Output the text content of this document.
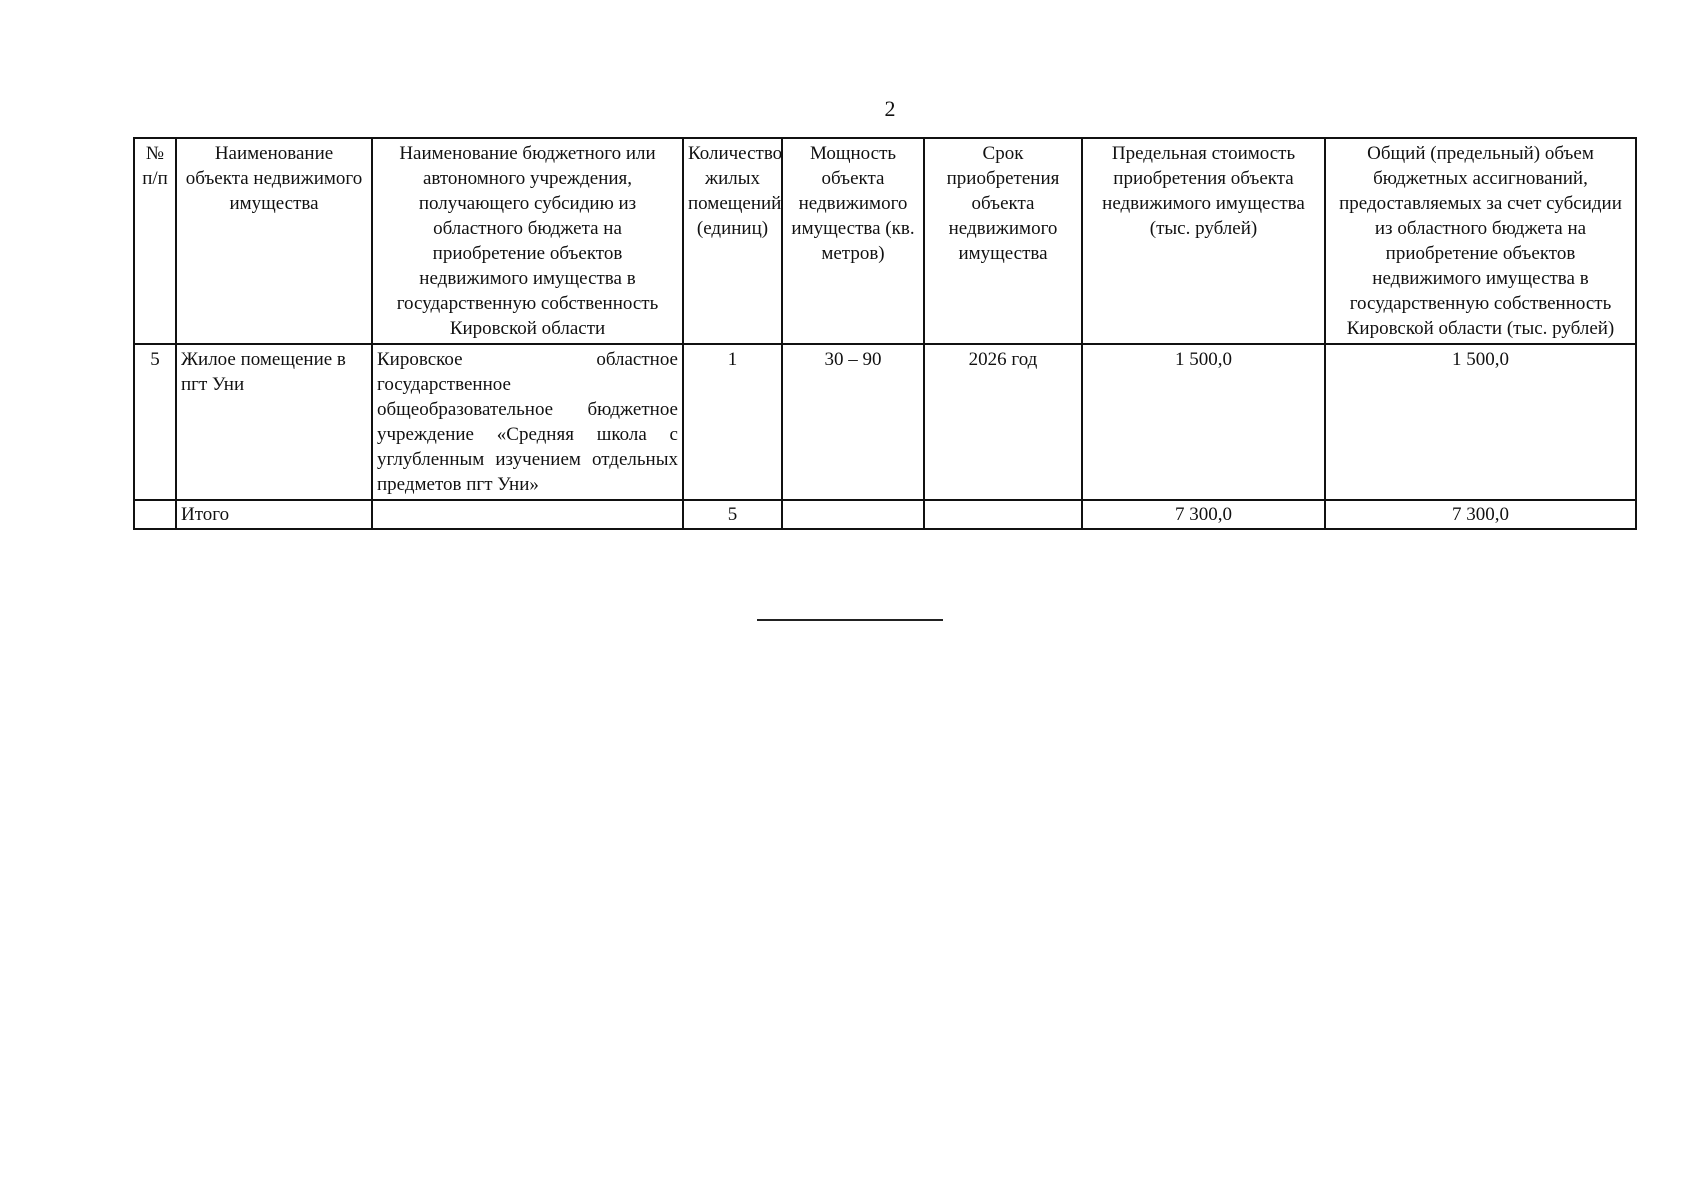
2
№ п/п	Наименование объекта недвижимого имущества	Наименование бюджетного или автономного учреждения, получающего субсидию из областного бюджета на приобретение объектов недвижимого имущества в государственную собственность Кировской области	Количество жилых помещений (единиц)	Мощность объекта недвижимого имущества (кв. метров)	Срок приобретения объекта недвижимого имущества	Предельная стоимость приобретения объекта недвижимого имущества (тыс. рублей)	Общий (предельный) объем бюджетных ассигнований, предоставляемых за счет субсидии из областного бюджета на приобретение объектов недвижимого имущества в государственную собственность Кировской области (тыс. рублей)
5	Жилое помещение в пгт Уни	Кировское областное государственное общеобразовательное бюджетное учреждение «Средняя школа с углубленным изучением отдельных предметов пгт Уни»	1	30 – 90	2026 год	1 500,0	1 500,0
	Итого		5			7 300,0	7 300,0
